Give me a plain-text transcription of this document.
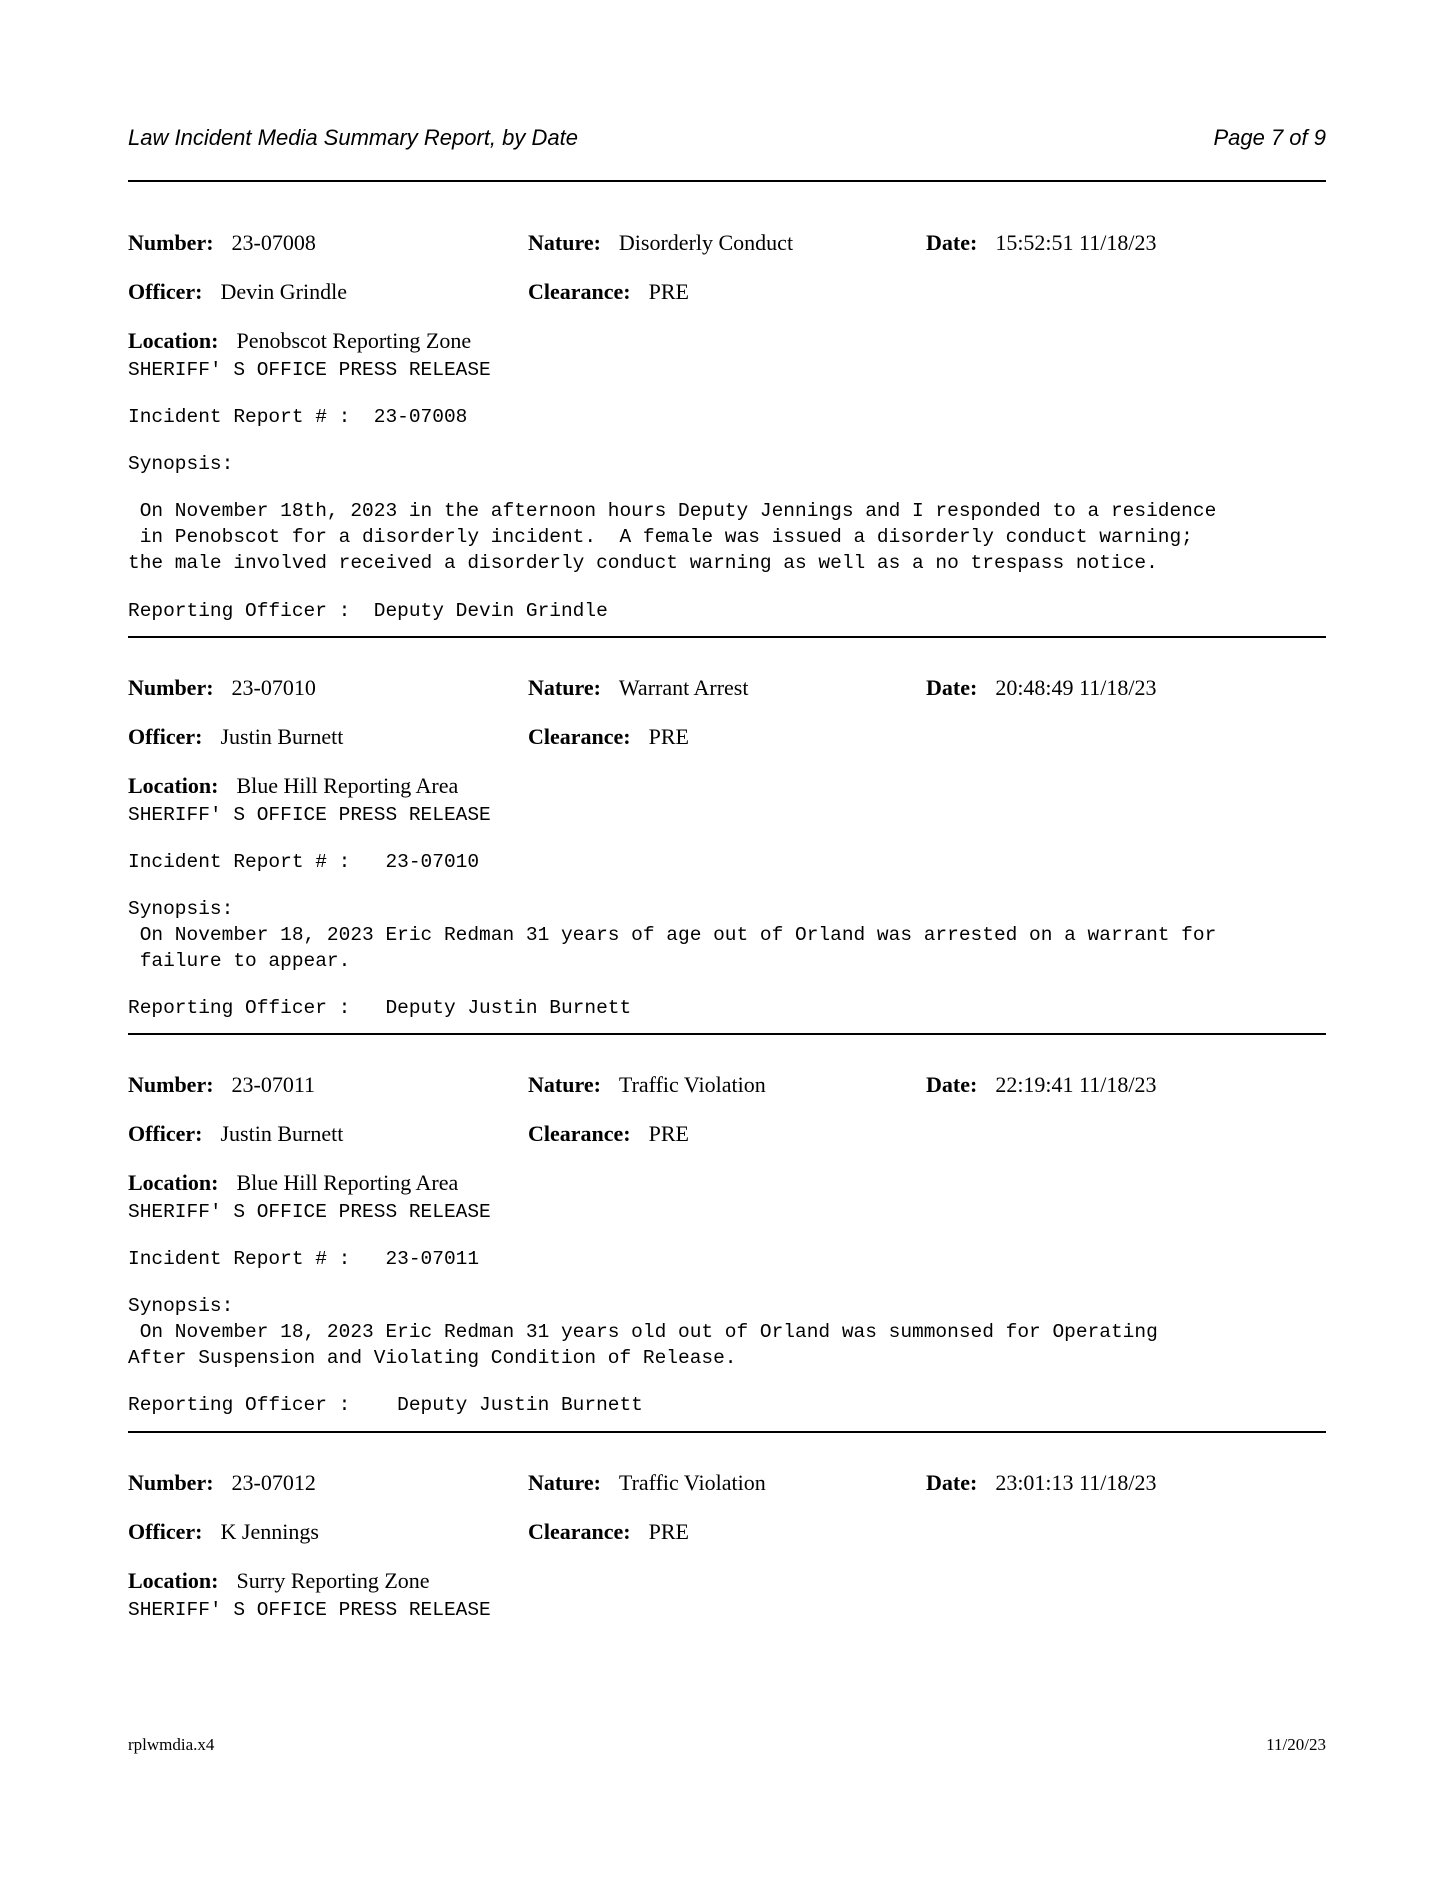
Law Incident Media Summary Report, by Date	Page 7 of 9
Number: 23-07008	Nature: Disorderly Conduct	Date: 15:52:51 11/18/23
Officer: Devin Grindle	Clearance: PRE
Location: Penobscot Reporting Zone
SHERIFF' S OFFICE PRESS RELEASE
Incident Report # :  23-07008
Synopsis:
On November 18th, 2023 in the afternoon hours Deputy Jennings and I responded to a residence
in Penobscot for a disorderly incident.  A female was issued a disorderly conduct warning;
the male involved received a disorderly conduct warning as well as a no trespass notice.
Reporting Officer :  Deputy Devin Grindle
Number: 23-07010	Nature: Warrant Arrest	Date: 20:48:49 11/18/23
Officer: Justin Burnett	Clearance: PRE
Location: Blue Hill Reporting Area
SHERIFF' S OFFICE PRESS RELEASE
Incident Report # :   23-07010
Synopsis:
On November 18, 2023 Eric Redman 31 years of age out of Orland was arrested on a warrant for
failure to appear.
Reporting Officer :   Deputy Justin Burnett
Number: 23-07011	Nature: Traffic Violation	Date: 22:19:41 11/18/23
Officer: Justin Burnett	Clearance: PRE
Location: Blue Hill Reporting Area
SHERIFF' S OFFICE PRESS RELEASE
Incident Report # :   23-07011
Synopsis:
On November 18, 2023 Eric Redman 31 years old out of Orland was summonsed for Operating
After Suspension and Violating Condition of Release.
Reporting Officer :    Deputy Justin Burnett
Number: 23-07012	Nature: Traffic Violation	Date: 23:01:13 11/18/23
Officer: K Jennings	Clearance: PRE
Location: Surry Reporting Zone
SHERIFF' S OFFICE PRESS RELEASE
rplwmdia.x4	11/20/23
